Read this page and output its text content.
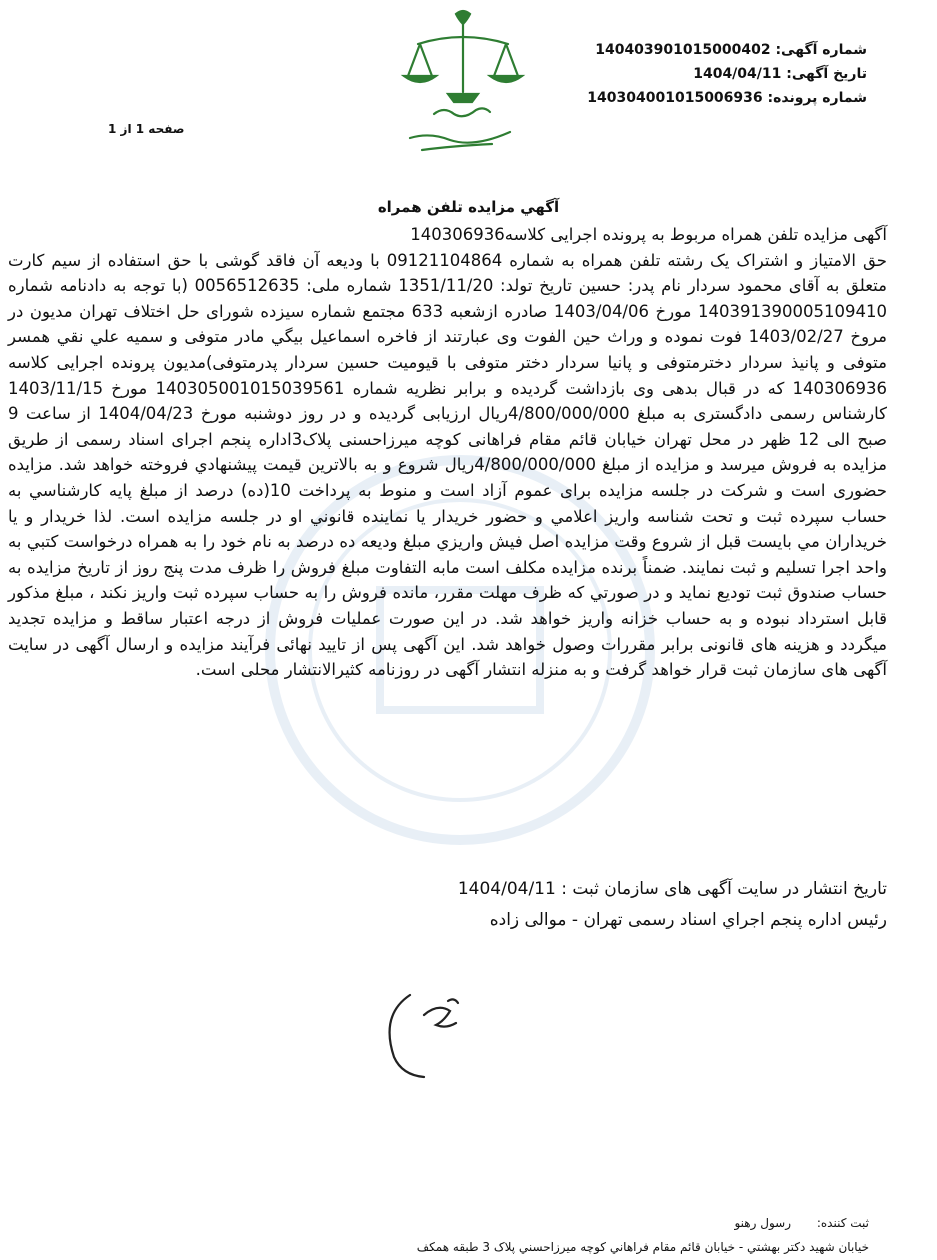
شماره آگهی: 14040390101500040​2
تاریخ آگهی: 1404/04/11
شماره پرونده: 140304001015006936
صفحه 1 از 1
آگهي مزایده تلفن همراه

آگهی مزایده تلفن همراه مربوط به پرونده اجرایی کلاسه140306936

حق الامتیاز و اشتراک یک رشته تلفن همراه به شماره 09121104864 با ودیعه آن فاقد گوشی با حق استفاده از سیم کارت متعلق به آقای محمود سردار نام پدر: حسین تاریخ تولد: 1351/11/20 شماره ملی: 0056512635 (با توجه به دادنامه شماره 140391390005109410 مورخ 1403/04/06 صادره ازشعبه 633 مجتمع شماره سیزده شورای حل اختلاف تهران مدیون در مروخ 1403/02/27 فوت نموده و وراث حین الفوت وی عبارتند از فاخره اسماعیل بیگي مادر متوفی و سمیه علي نقي همسر متوفی و پانیذ سردار دخترمتوفی و پانیا سردار دختر متوفی با قیومیت حسین سردار پدرمتوفی)مدیون پرونده اجرایی کلاسه 140306936 که در قبال بدهی وی بازداشت گردیده و برابر نظریه شماره 140305001015039561 مورخ 1403/11/15 کارشناس رسمی دادگستری به مبلغ 4/800/000/000ریال ارزیابی گردیده و در روز دوشنبه مورخ 1404/04/23 از ساعت 9 صبح الی 12 ظهر در محل تهران خیابان قائم مقام فراهانی کوچه میرزاحسنی پلاک3اداره پنجم اجرای اسناد رسمی از طریق مزایده به فروش میرسد و مزایده از مبلغ 4/800/000/000ریال شروع و به بالاترین قیمت پیشنهادي فروخته خواهد شد. مزایده حضوری است و شرکت در جلسه مزایده برای عموم آزاد است و منوط به پرداخت 10(ده) درصد از مبلغ پایه کارشناسي به حساب سپرده ثبت و تحت شناسه واريز اعلامي و حضور خريدار يا نماينده قانوني او در جلسه مزايده است. لذا خريدار و يا خريداران مي بايست قبل از شروع وقت مزايده اصل فيش واريزي مبلغ وديعه ده درصد به نام خود را به همراه درخواست کتبي به واحد اجرا تسليم و ثبت نمايند. ضمناً برنده مزایده مکلف است مابه التفاوت مبلغ فروش را ظرف مدت پنج روز از تاریخ مزایده به حساب صندوق ثبت تودیع نماید و در صورتي که ظرف مهلت مقرر، مانده فروش را به حساب سپرده ثبت واریز نکند ، مبلغ مذکور قابل استرداد نبوده و به حساب خزانه واریز خواهد شد. در این صورت عملیات فروش از درجه اعتبار ساقط و مزایده تجدید میگردد و هزینه های قانونی برابر مقررات وصول خواهد شد. این آگهی پس از تایید نهائی فرآیند مزایده و ارسال آگهی در سایت آگهی های سازمان ثبت قرار خواهد گرفت و به منزله انتشار آگهی در روزنامه کثیرالانتشار محلی است.

تاریخ انتشار در سایت آگهی های سازمان ثبت : 1404/04/11
رئیس اداره پنجم اجراي اسناد رسمی تهران - موالی زاده
ثبت کننده: رسول رهنو
خیابان شهید دکتر بهشتي - خيابان قائم مقام فراهاني کوچه ميرزاحسني پلاک 3 طبقه همکف
